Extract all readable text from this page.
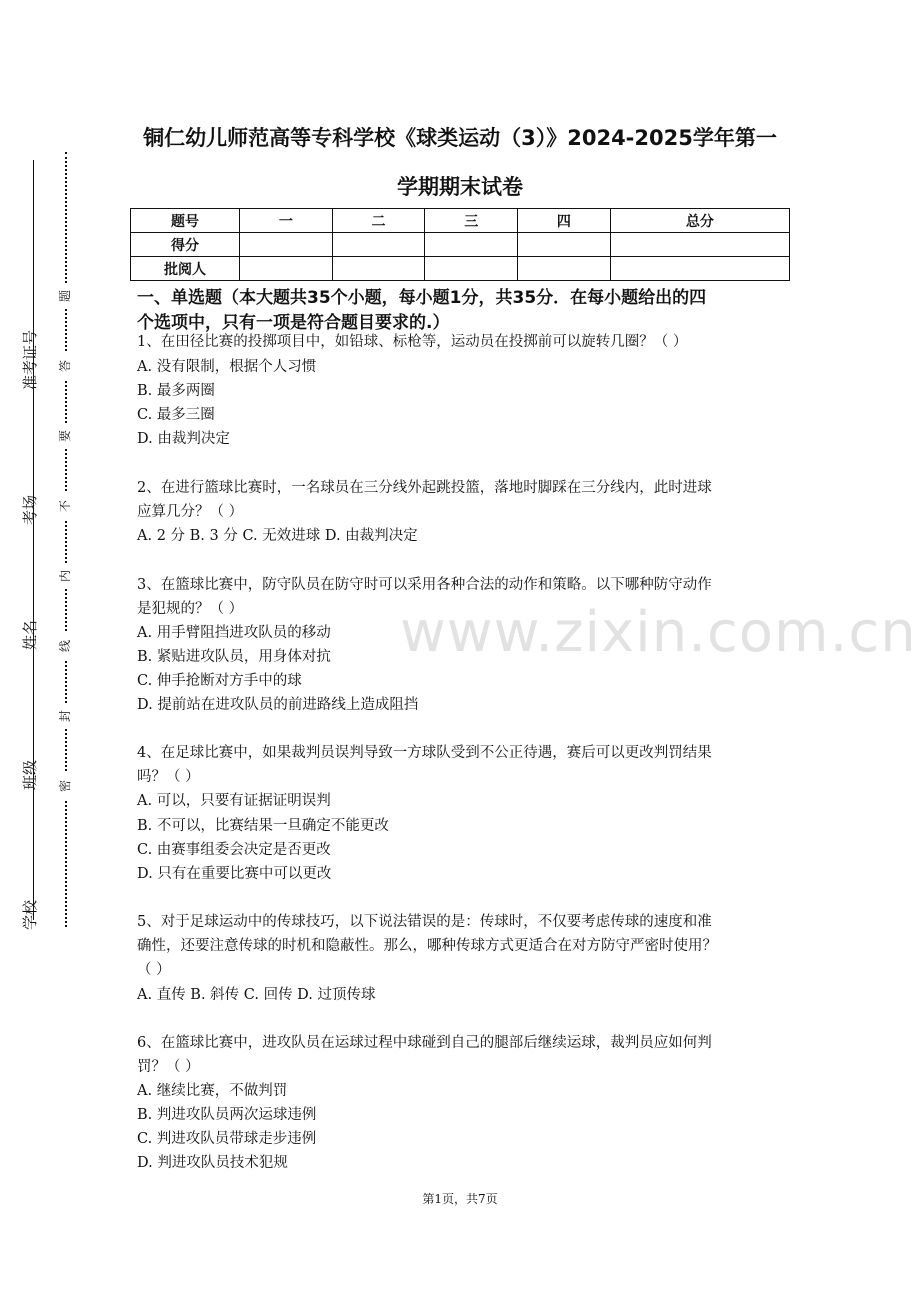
准考证号
考场
姓名
班级
学校
题
答
要
不
内
线
封
密
铜仁幼儿师范高等专科学校《球类运动（3）》2024-2025学年第一
学期期末试卷
题号	一	二	三	四	总分
得分					
批阅人					
一、单选题（本大题共35个小题，每小题1分，共35分．在每小题给出的四
个选项中，只有一项是符合题目要求的.）
1、在田径比赛的投掷项目中，如铅球、标枪等，运动员在投掷前可以旋转几圈？（ ）
A. 没有限制，根据个人习惯
B. 最多两圈
C. 最多三圈
D. 由裁判决定
2、在进行篮球比赛时，一名球员在三分线外起跳投篮，落地时脚踩在三分线内，此时进球
应算几分？（ ）
A. 2 分 B. 3 分 C. 无效进球 D. 由裁判决定
3、在篮球比赛中，防守队员在防守时可以采用各种合法的动作和策略。以下哪种防守动作
是犯规的？（ ）
A. 用手臂阻挡进攻队员的移动
B. 紧贴进攻队员，用身体对抗
C. 伸手抢断对方手中的球
D. 提前站在进攻队员的前进路线上造成阻挡
4、在足球比赛中，如果裁判员误判导致一方球队受到不公正待遇，赛后可以更改判罚结果
吗？（ ）
A. 可以，只要有证据证明误判
B. 不可以，比赛结果一旦确定不能更改
C. 由赛事组委会决定是否更改
D. 只有在重要比赛中可以更改
5、对于足球运动中的传球技巧，以下说法错误的是：传球时，不仅要考虑传球的速度和准
确性，还要注意传球的时机和隐蔽性。那么，哪种传球方式更适合在对方防守严密时使用？
（ ）
A. 直传 B. 斜传 C. 回传 D. 过顶传球
6、在篮球比赛中，进攻队员在运球过程中球碰到自己的腿部后继续运球，裁判员应如何判
罚？（ ）
A. 继续比赛，不做判罚
B. 判进攻队员两次运球违例
C. 判进攻队员带球走步违例
D. 判进攻队员技术犯规
www.zixin.com.cn
第1页，共7页
